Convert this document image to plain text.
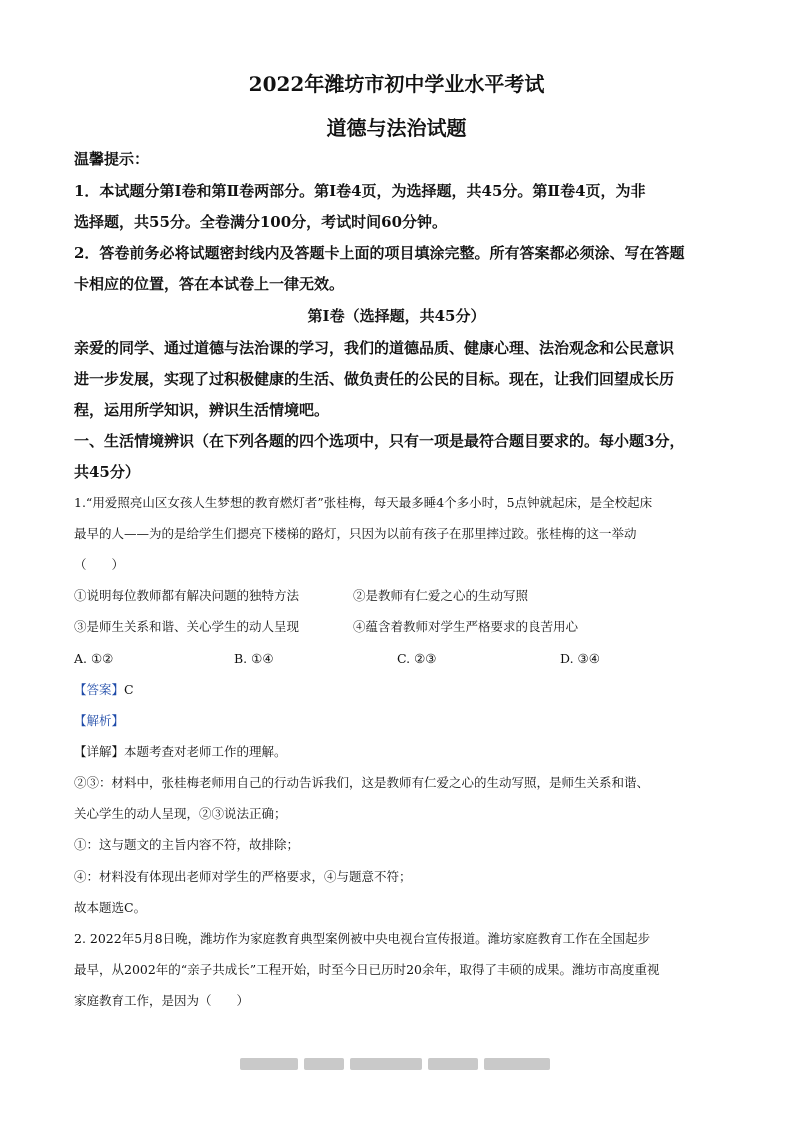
2022年潍坊市初中学业水平考试
道德与法治试题
温馨提示：
1．本试题分第Ⅰ卷和第Ⅱ卷两部分。第Ⅰ卷4页，为选择题，共45分。第Ⅱ卷4页，为非
选择题，共55分。全卷满分100分，考试时间60分钟。
2．答卷前务必将试题密封线内及答题卡上面的项目填涂完整。所有答案都必须涂、写在答题
卡相应的位置，答在本试卷上一律无效。
第Ⅰ卷（选择题，共45分）
亲爱的同学、通过道德与法治课的学习，我们的道德品质、健康心理、法治观念和公民意识
进一步发展，实现了过积极健康的生活、做负责任的公民的目标。现在，让我们回望成长历
程，运用所学知识，辨识生活情境吧。
一、生活情境辨识（在下列各题的四个选项中，只有一项是最符合题目要求的。每小题3分，
共45分）
1.“用爱照亮山区女孩人生梦想的教育燃灯者”张桂梅，每天最多睡4个多小时，5点钟就起床，是全校起床
最早的人——为的是给学生们摁亮下楼梯的路灯，只因为以前有孩子在那里摔过跤。张桂梅的这一举动
（　　）
①说明每位教师都有解决问题的独特方法	②是教师有仁爱之心的生动写照
③是师生关系和谐、关心学生的动人呈现	④蕴含着教师对学生严格要求的良苦用心
A. ①②	B. ①④	C. ②③	D. ③④
【答案】C
【解析】
【详解】本题考查对老师工作的理解。
②③：材料中，张桂梅老师用自己的行动告诉我们，这是教师有仁爱之心的生动写照，是师生关系和谐、
关心学生的动人呈现，②③说法正确；
①：这与题文的主旨内容不符，故排除；
④：材料没有体现出老师对学生的严格要求，④与题意不符；
故本题选C。
2. 2022年5月8日晚，潍坊作为家庭教育典型案例被中央电视台宣传报道。潍坊家庭教育工作在全国起步
最早，从2002年的“亲子共成长”工程开始，时至今日已历时20余年，取得了丰硕的成果。潍坊市高度重视
家庭教育工作，是因为（　　）
